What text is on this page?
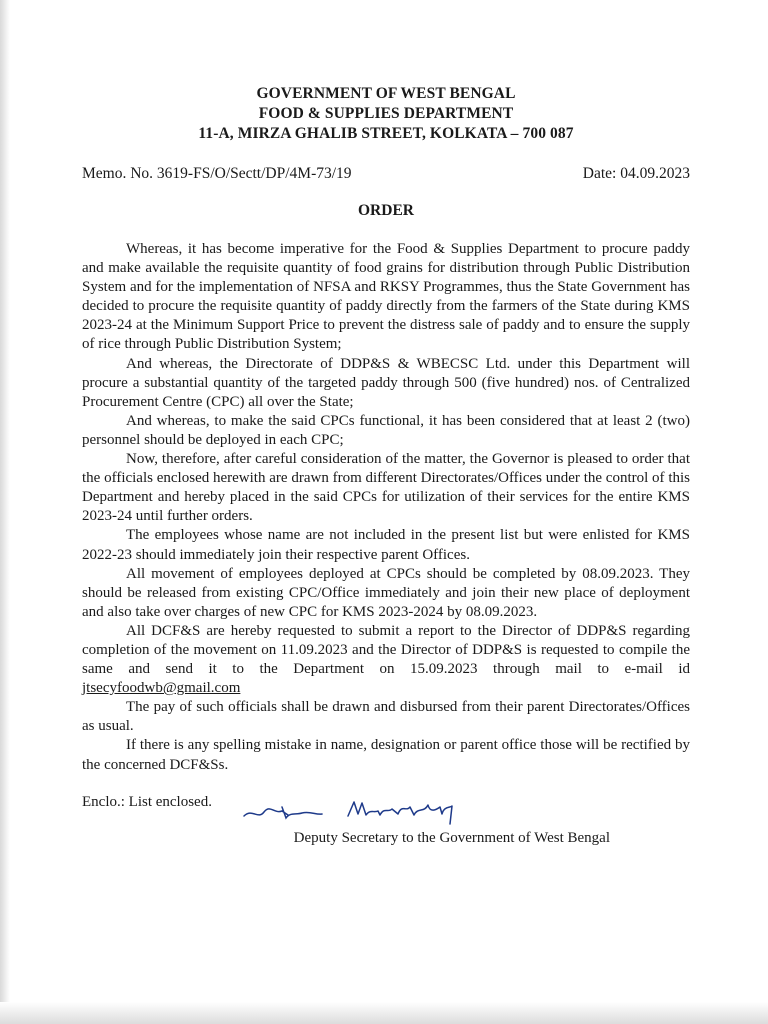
GOVERNMENT OF WEST BENGAL
FOOD & SUPPLIES DEPARTMENT
11-A, MIRZA GHALIB STREET, KOLKATA – 700 087
Memo. No. 3619-FS/O/Sectt/DP/4M-73/19	Date: 04.09.2023
ORDER

Whereas, it has become imperative for the Food & Supplies Department to procure paddy and make available the requisite quantity of food grains for distribution through Public Distribution System and for the implementation of NFSA and RKSY Programmes, thus the State Government has decided to procure the requisite quantity of paddy directly from the farmers of the State during KMS 2023-24 at the Minimum Support Price to prevent the distress sale of paddy and to ensure the supply of rice through Public Distribution System;

And whereas, the Directorate of DDP&S & WBECSC Ltd. under this Department will procure a substantial quantity of the targeted paddy through 500 (five hundred) nos. of Centralized Procurement Centre (CPC) all over the State;

And whereas, to make the said CPCs functional, it has been considered that at least 2 (two) personnel should be deployed in each CPC;

Now, therefore, after careful consideration of the matter, the Governor is pleased to order that the officials enclosed herewith are drawn from different Directorates/Offices under the control of this Department and hereby placed in the said CPCs for utilization of their services for the entire KMS 2023-24 until further orders.

The employees whose name are not included in the present list but were enlisted for KMS 2022-23 should immediately join their respective parent Offices.

All movement of employees deployed at CPCs should be completed by 08.09.2023. They should be released from existing CPC/Office immediately and join their new place of deployment and also take over charges of new CPC for KMS 2023-2024 by 08.09.2023.

All DCF&S are hereby requested to submit a report to the Director of DDP&S regarding completion of the movement on 11.09.2023 and the Director of DDP&S is requested to compile the same and send it to the Department on 15.09.2023 through mail to e-mail id jtsecyfoodwb@gmail.com

The pay of such officials shall be drawn and disbursed from their parent Directorates/Offices as usual.

If there is any spelling mistake in name, designation or parent office those will be rectified by the concerned DCF&Ss.

Enclo.: List enclosed.
Deputy Secretary to the Government of West Bengal
